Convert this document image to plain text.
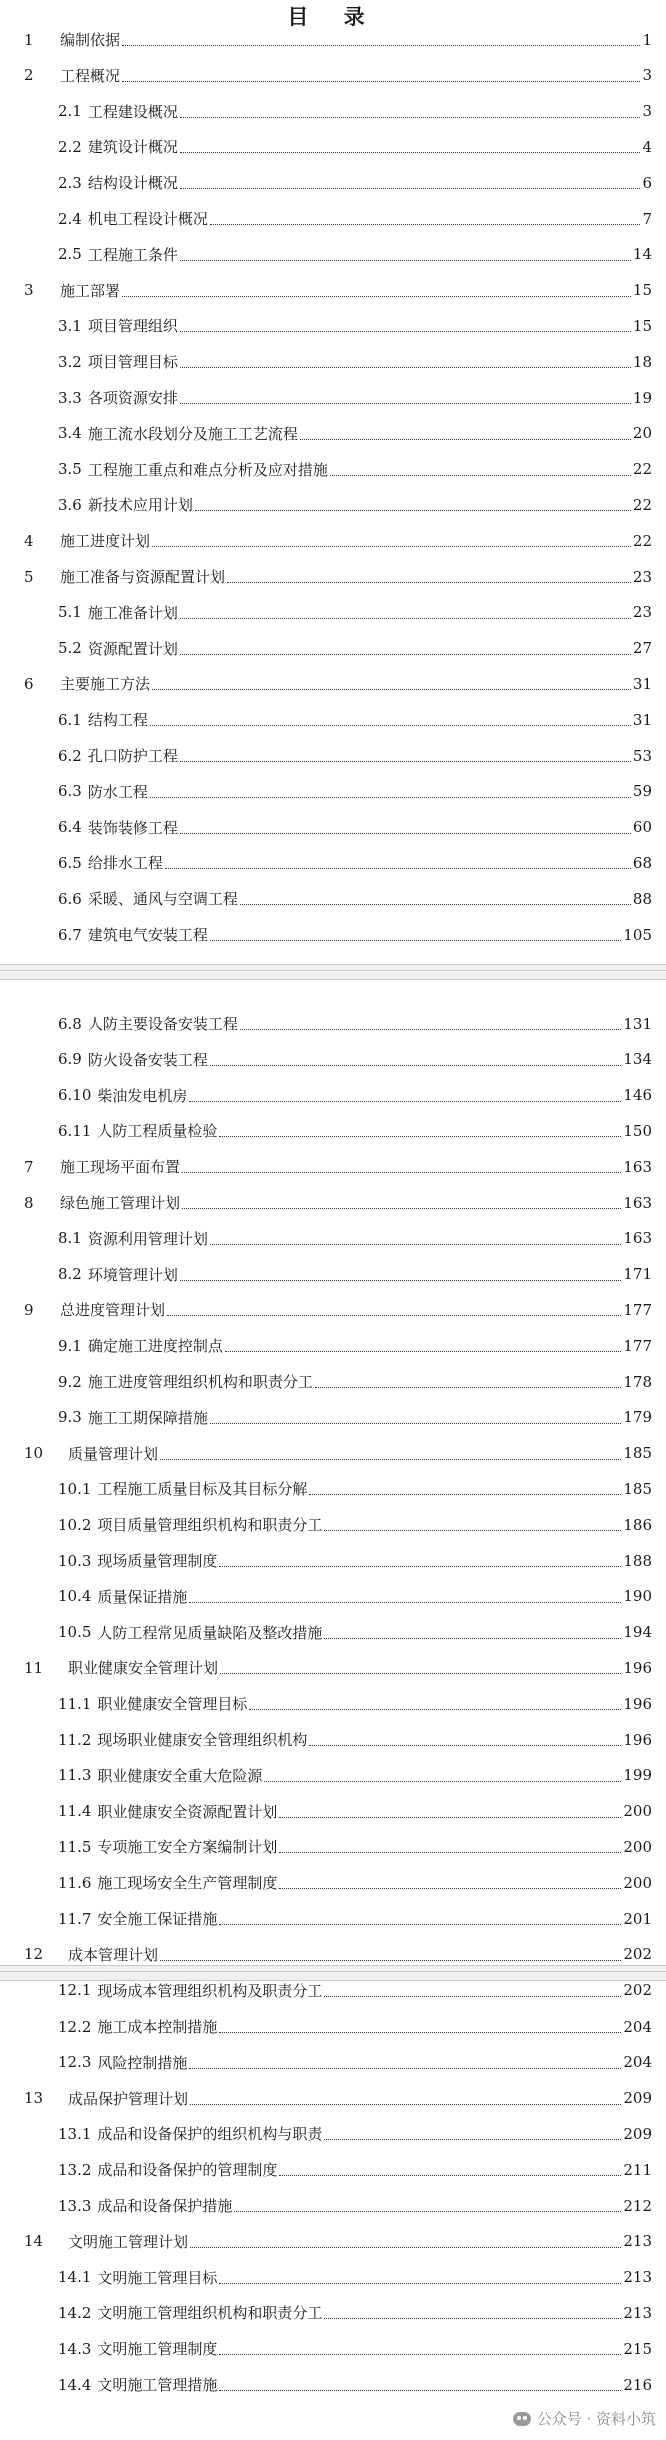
目 录
1	编制依据	1
2	工程概况	3
2.1 工程建设概况	3
2.2 建筑设计概况	4
2.3 结构设计概况	6
2.4 机电工程设计概况	7
2.5 工程施工条件	14
3	施工部署	15
3.1 项目管理组织	15
3.2 项目管理目标	18
3.3 各项资源安排	19
3.4 施工流水段划分及施工工艺流程	20
3.5 工程施工重点和难点分析及应对措施	22
3.6 新技术应用计划	22
4	施工进度计划	22
5	施工准备与资源配置计划	23
5.1 施工准备计划	23
5.2 资源配置计划	27
6	主要施工方法	31
6.1 结构工程	31
6.2 孔口防护工程	53
6.3 防水工程	59
6.4 装饰装修工程	60
6.5 给排水工程	68
6.6 采暖、通风与空调工程	88
6.7 建筑电气安装工程	105
6.8 人防主要设备安装工程	131
6.9 防火设备安装工程	134
6.10 柴油发电机房	146
6.11 人防工程质量检验	150
7	施工现场平面布置	163
8	绿色施工管理计划	163
8.1 资源利用管理计划	163
8.2 环境管理计划	171
9	总进度管理计划	177
9.1 确定施工进度控制点	177
9.2 施工进度管理组织机构和职责分工	178
9.3 施工工期保障措施	179
10	质量管理计划	185
10.1 工程施工质量目标及其目标分解	185
10.2 项目质量管理组织机构和职责分工	186
10.3 现场质量管理制度	188
10.4 质量保证措施	190
10.5 人防工程常见质量缺陷及整改措施	194
11	职业健康安全管理计划	196
11.1 职业健康安全管理目标	196
11.2 现场职业健康安全管理组织机构	196
11.3 职业健康安全重大危险源	199
11.4 职业健康安全资源配置计划	200
11.5 专项施工安全方案编制计划	200
11.6 施工现场安全生产管理制度	200
11.7 安全施工保证措施	201
12	成本管理计划	202
12.1 现场成本管理组织机构及职责分工	202
12.2 施工成本控制措施	204
12.3 风险控制措施	204
13	成品保护管理计划	209
13.1 成品和设备保护的组织机构与职责	209
13.2 成品和设备保护的管理制度	211
13.3 成品和设备保护措施	212
14	文明施工管理计划	213
14.1 文明施工管理目标	213
14.2 文明施工管理组织机构和职责分工	213
14.3 文明施工管理制度	215
14.4 文明施工管理措施	216
公众号 · 资料小筑
